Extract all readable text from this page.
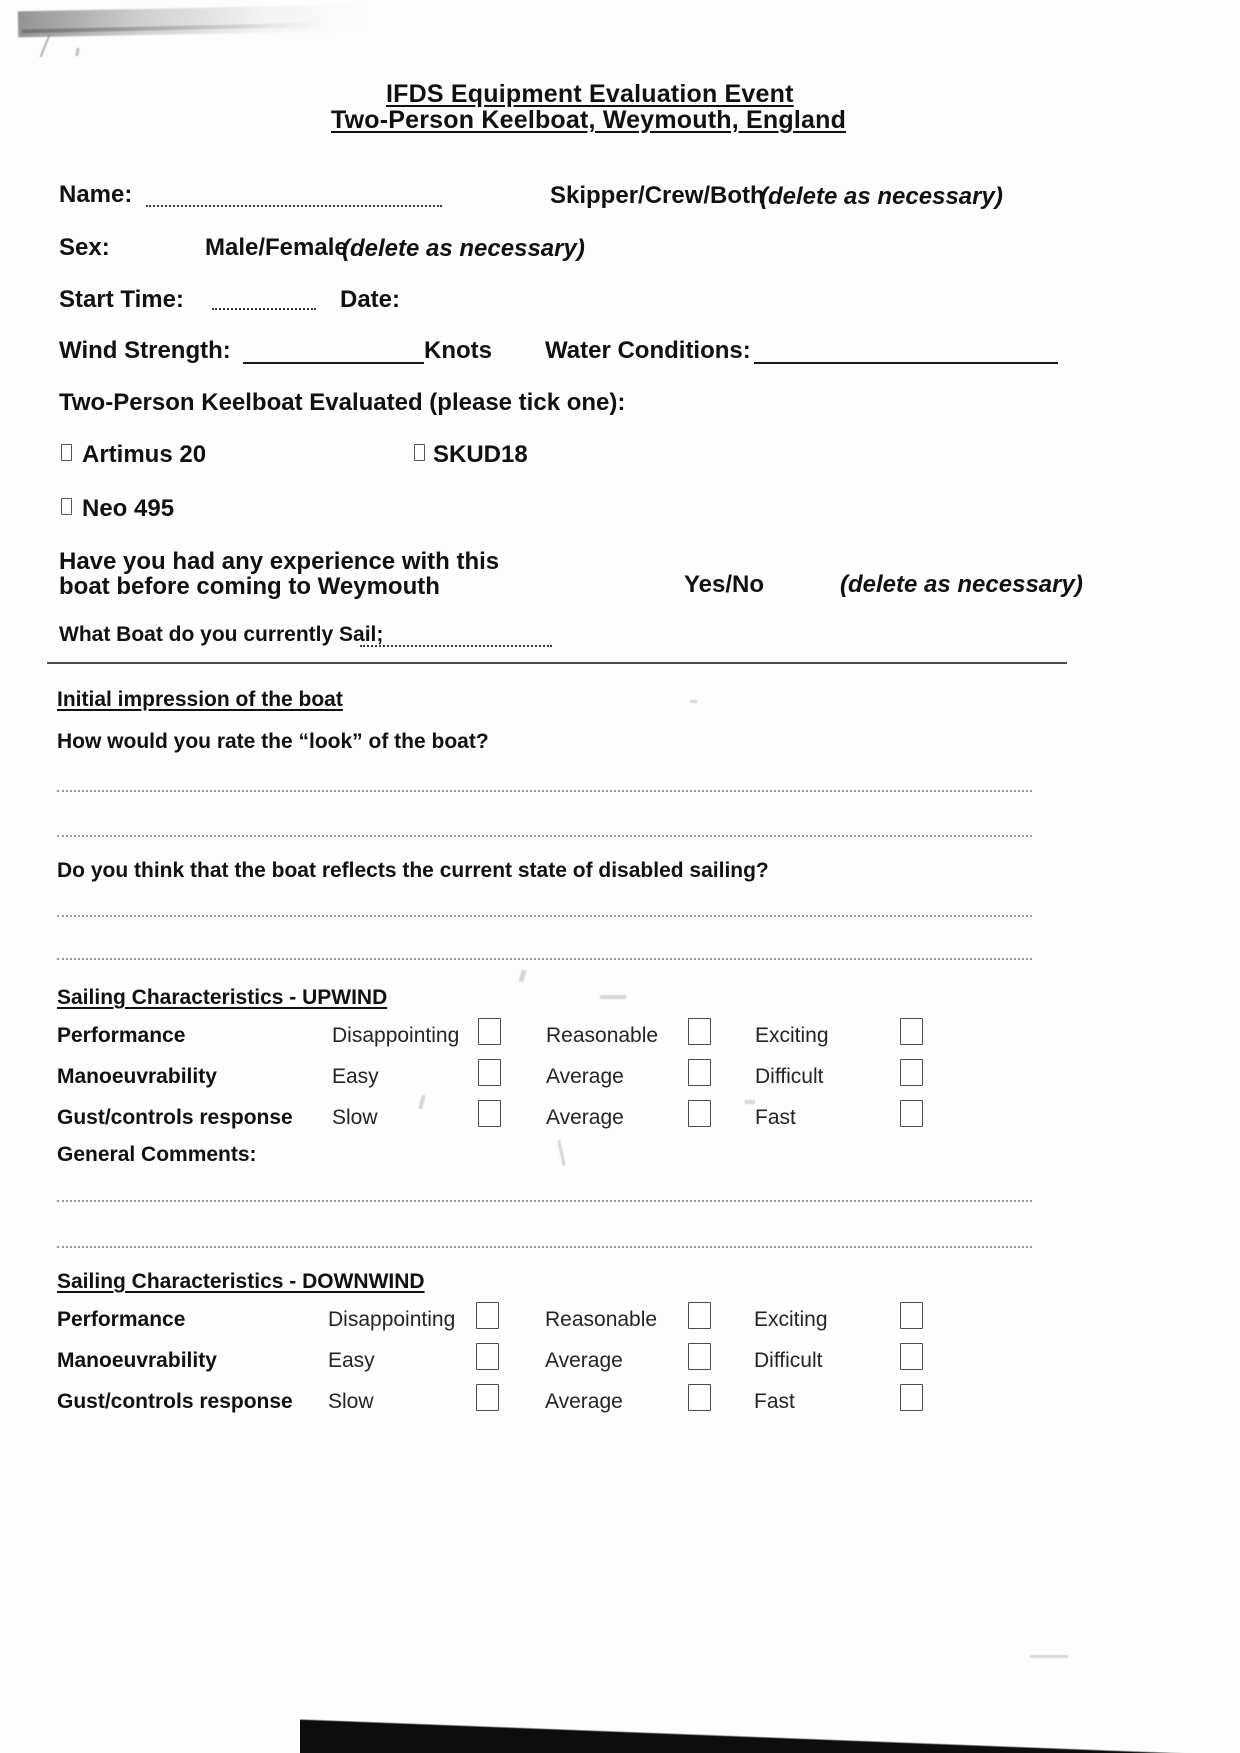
IFDS Equipment Evaluation Event
Two-Person Keelboat, Weymouth, England
Name:	Skipper/Crew/Both
(delete as necessary)
Sex:	Male/Female
(delete as necessary)
Start Time:	Date:
Wind Strength:	Knots Water Conditions:
Two-Person Keelboat Evaluated (please tick one):
Artimus 20	SKUD18
Neo 495
Have you had any experience with this
boat before coming to Weymouth	Yes/No	(delete as necessary)
What Boat do you currently Sail;
Initial impression of the boat
How would you rate the “look” of the boat?
Do you think that the boat reflects the current state of disabled sailing?
Sailing Characteristics - UPWIND
Performance	Disappointing	Reasonable	Exciting
Manoeuvrability	Easy	Average	Difficult
Gust/controls response Slow	Average	Fast
General Comments:
Sailing Characteristics - DOWNWIND
Performance	Disappointing	Reasonable	Exciting
Manoeuvrability	Easy	Average	Difficult
Gust/controls response Slow	Average	Fast
